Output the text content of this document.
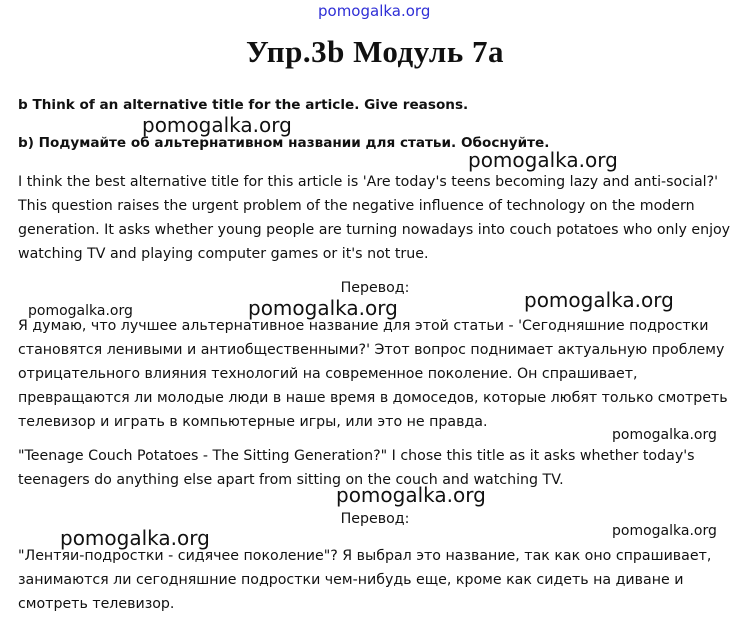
pomogalka.org
Упр.3b Модуль 7a
b Think of an alternative title for the article. Give reasons.
pomogalka.org
b) Подумайте об альтернативном названии для статьи. Обоснуйте.
pomogalka.org
I think the best alternative title for this article is 'Are today's teens becoming lazy and anti-social?' This question raises the urgent problem of the negative influence of technology on the modern generation. It asks whether young people are turning nowadays into couch potatoes who only enjoy watching TV and playing computer games or it's not true.
Перевод:
pomogalka.org	pomogalka.org	pomogalka.org
Я думаю, что лучшее альтернативное название для этой статьи - 'Сегодняшние подростки становятся ленивыми и антиобщественными?' Этот вопрос поднимает актуальную проблему отрицательного влияния технологий на современное поколение. Он спрашивает, превращаются ли молодые люди в наше время в домоседов, которые любят только смотреть телевизор и играть в компьютерные игры, или это не правда.
pomogalka.org
"Teenage Couch Potatoes - The Sitting Generation?" I chose this title as it asks whether today's teenagers do anything else apart from sitting on the couch and watching TV.
pomogalka.org
Перевод:
pomogalka.org	pomogalka.org
"Лентяи-подростки - сидячее поколение"? Я выбрал это название, так как оно спрашивает, занимаются ли сегодняшние подростки чем-нибудь еще, кроме как сидеть на диване и смотреть телевизор.
